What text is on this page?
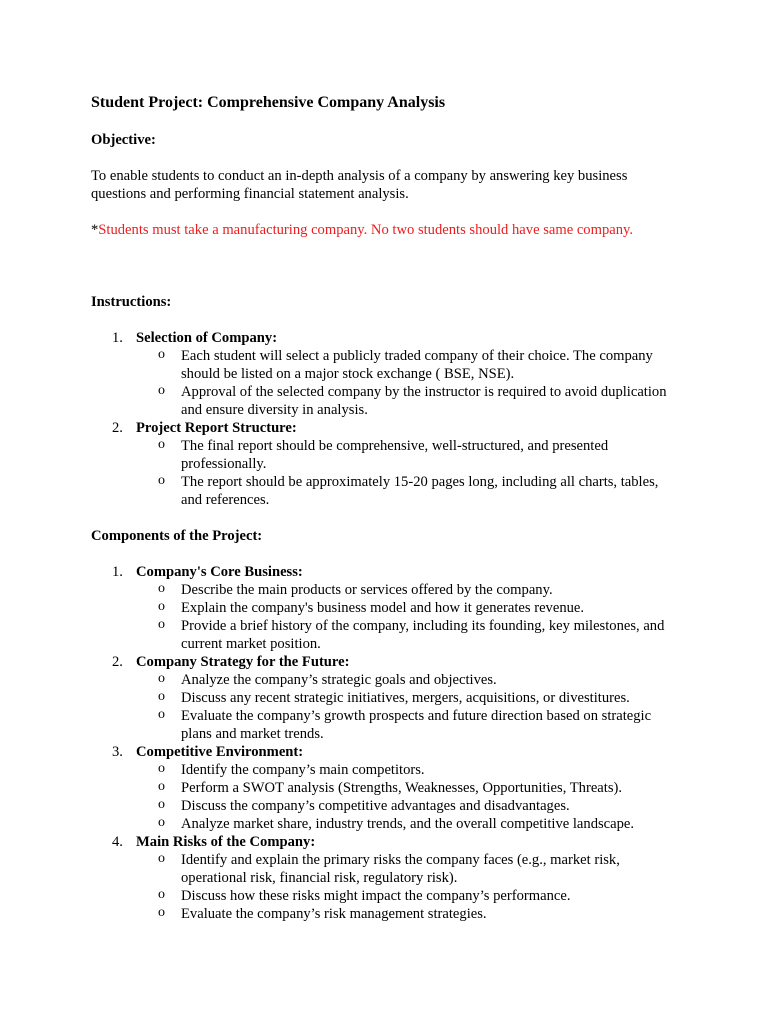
Student Project: Comprehensive Company Analysis
Objective:
To enable students to conduct an in-depth analysis of a company by answering key business questions and performing financial statement analysis.
*Students must take a manufacturing company. No two students should have same company.
Instructions:
1. Selection of Company:
o Each student will select a publicly traded company of their choice. The company should be listed on a major stock exchange ( BSE, NSE).
o Approval of the selected company by the instructor is required to avoid duplication and ensure diversity in analysis.
2. Project Report Structure:
o The final report should be comprehensive, well-structured, and presented professionally.
o The report should be approximately 15-20 pages long, including all charts, tables, and references.
Components of the Project:
1. Company's Core Business:
o Describe the main products or services offered by the company.
o Explain the company's business model and how it generates revenue.
o Provide a brief history of the company, including its founding, key milestones, and current market position.
2. Company Strategy for the Future:
o Analyze the company’s strategic goals and objectives.
o Discuss any recent strategic initiatives, mergers, acquisitions, or divestitures.
o Evaluate the company’s growth prospects and future direction based on strategic plans and market trends.
3. Competitive Environment:
o Identify the company’s main competitors.
o Perform a SWOT analysis (Strengths, Weaknesses, Opportunities, Threats).
o Discuss the company’s competitive advantages and disadvantages.
o Analyze market share, industry trends, and the overall competitive landscape.
4. Main Risks of the Company:
o Identify and explain the primary risks the company faces (e.g., market risk, operational risk, financial risk, regulatory risk).
o Discuss how these risks might impact the company’s performance.
o Evaluate the company’s risk management strategies.
